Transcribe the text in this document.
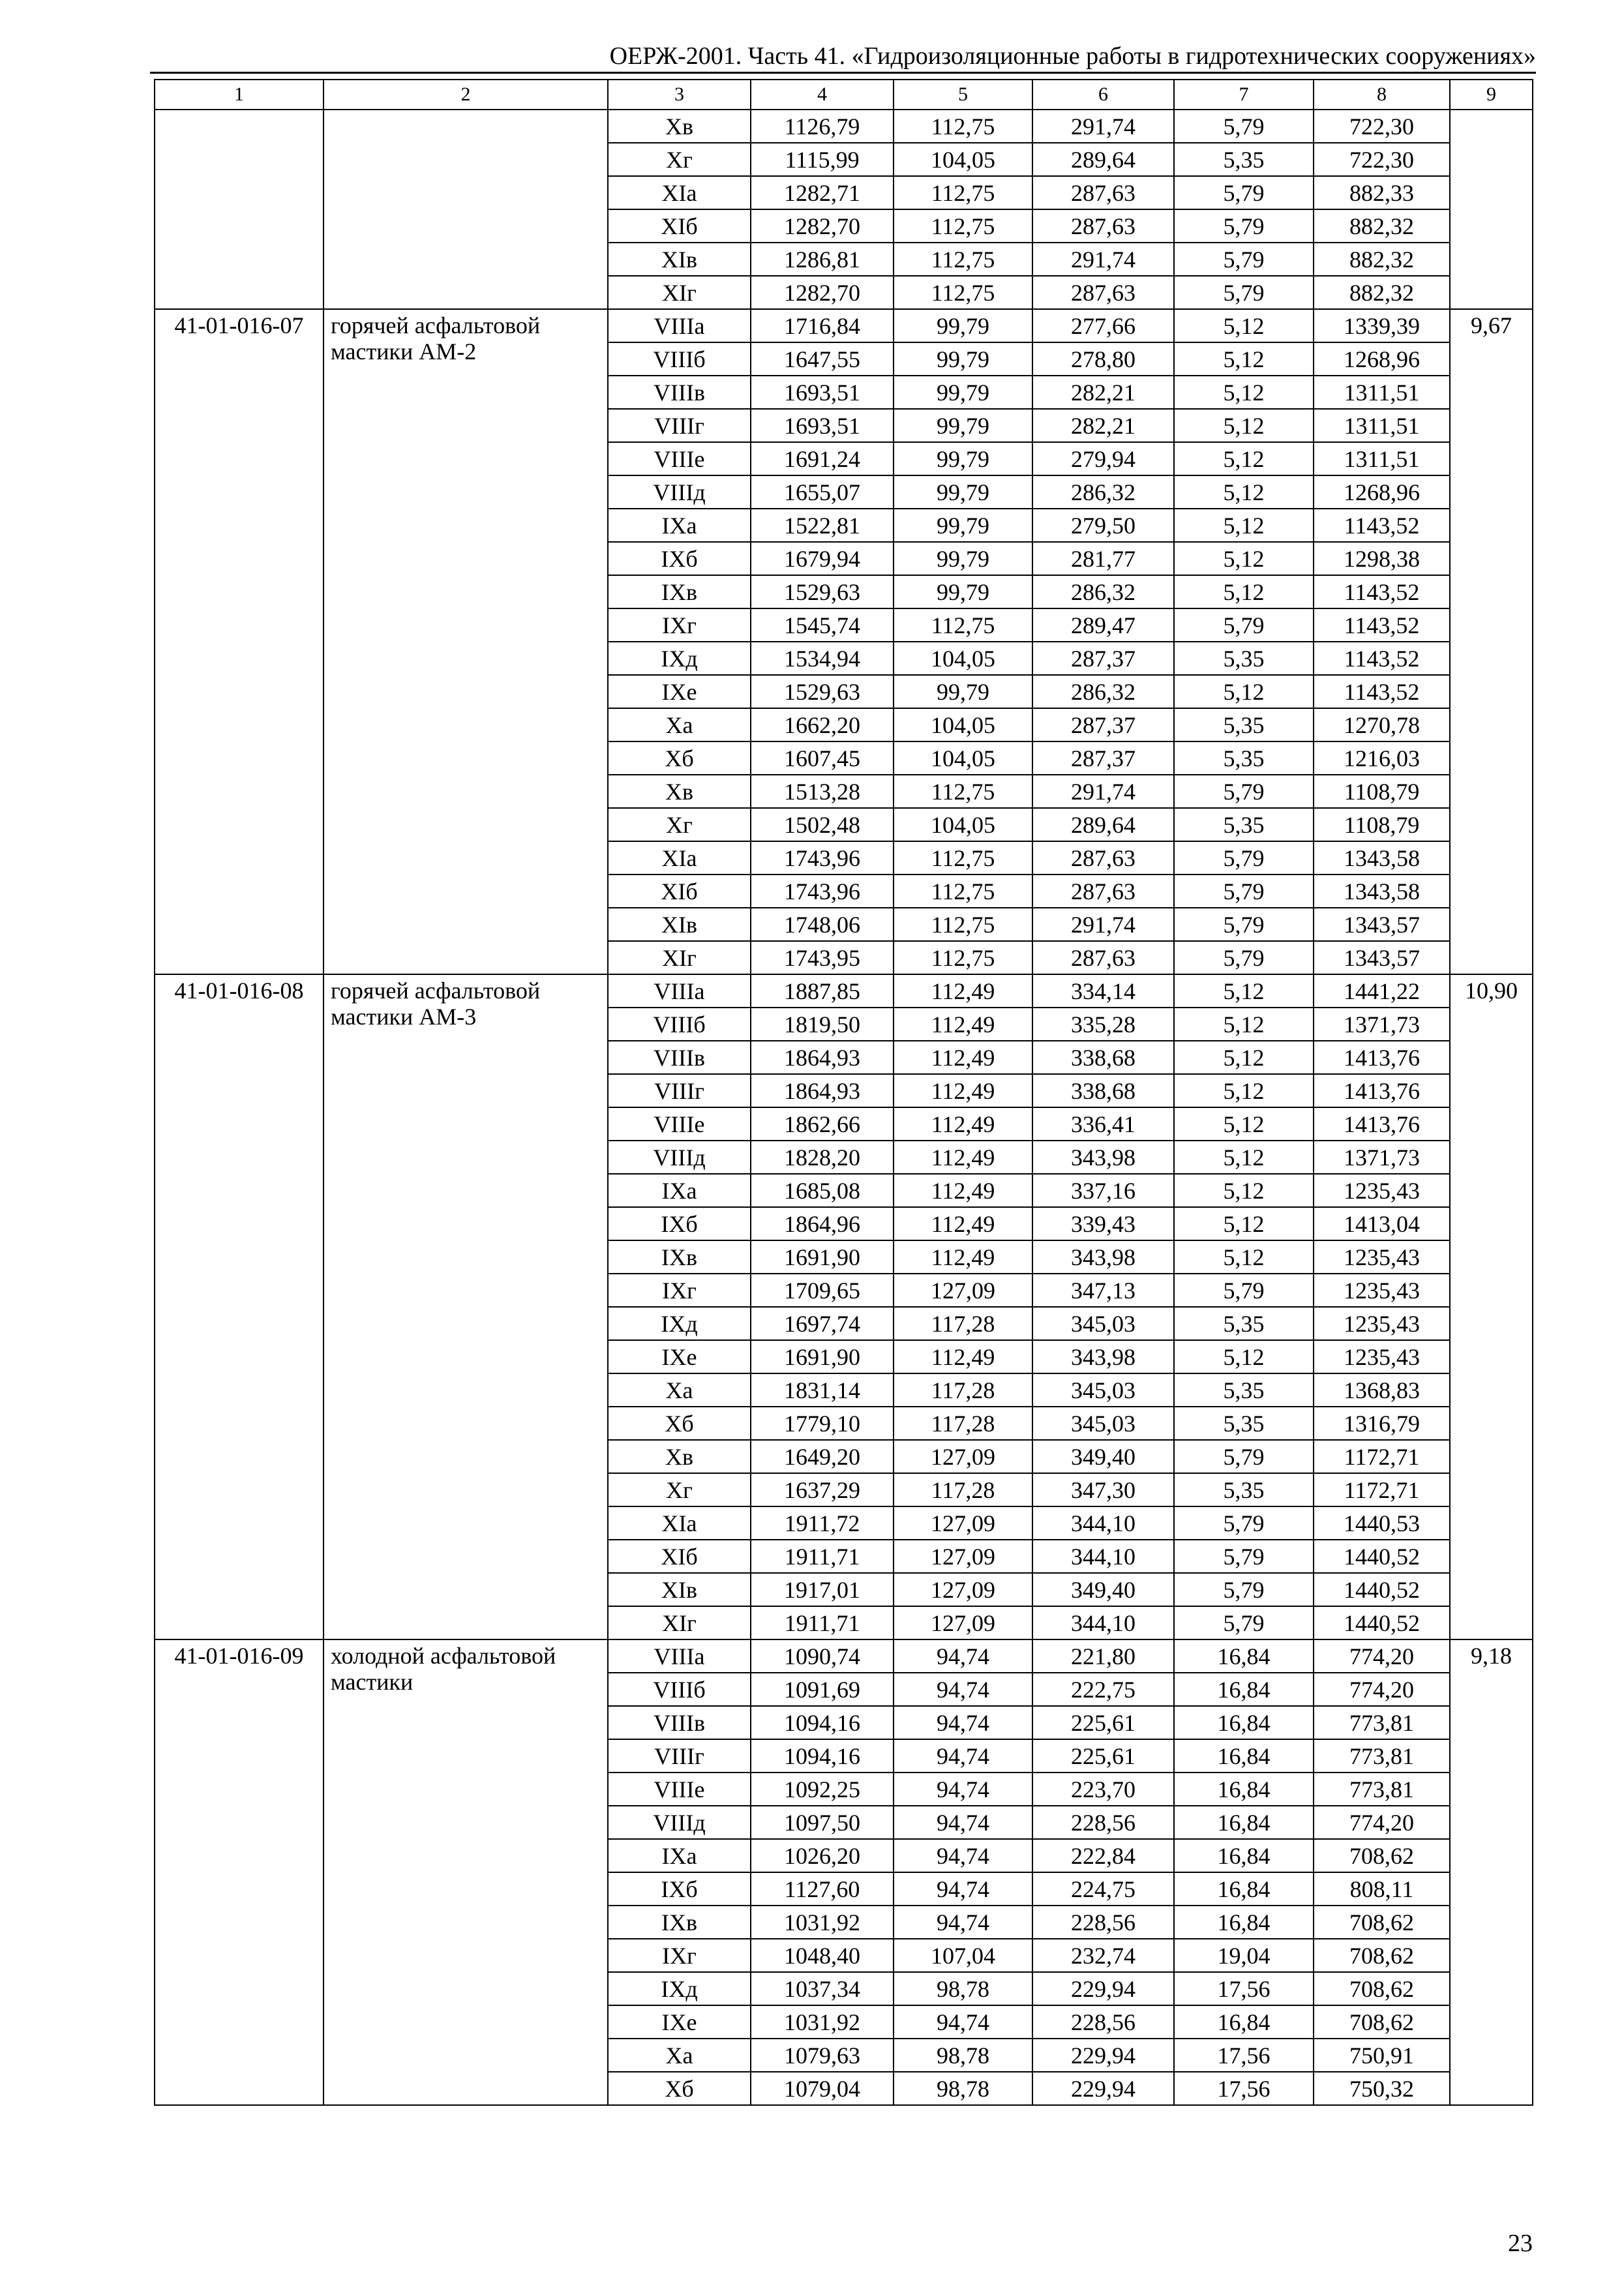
ОЕРЖ-2001. Часть 41. «Гидроизоляционные работы в гидротехнических сооружениях»
1	2	3	4	5	6	7	8	9
		Хв	1126,79	112,75	291,74	5,79	722,30	
		Хг	1115,99	104,05	289,64	5,35	722,30	
		ХIа	1282,71	112,75	287,63	5,79	882,33	
		ХIб	1282,70	112,75	287,63	5,79	882,32	
		ХIв	1286,81	112,75	291,74	5,79	882,32	
		ХIг	1282,70	112,75	287,63	5,79	882,32	
41-01-016-07	горячей асфальтовой мастики АМ-2	VIIIа	1716,84	99,79	277,66	5,12	1339,39	9,67
		VIIIб	1647,55	99,79	278,80	5,12	1268,96	
		VIIIв	1693,51	99,79	282,21	5,12	1311,51	
		VIIIг	1693,51	99,79	282,21	5,12	1311,51	
		VIIIе	1691,24	99,79	279,94	5,12	1311,51	
		VIIIд	1655,07	99,79	286,32	5,12	1268,96	
		IХа	1522,81	99,79	279,50	5,12	1143,52	
		IХб	1679,94	99,79	281,77	5,12	1298,38	
		IХв	1529,63	99,79	286,32	5,12	1143,52	
		IХг	1545,74	112,75	289,47	5,79	1143,52	
		IХд	1534,94	104,05	287,37	5,35	1143,52	
		IХе	1529,63	99,79	286,32	5,12	1143,52	
		Ха	1662,20	104,05	287,37	5,35	1270,78	
		Хб	1607,45	104,05	287,37	5,35	1216,03	
		Хв	1513,28	112,75	291,74	5,79	1108,79	
		Хг	1502,48	104,05	289,64	5,35	1108,79	
		ХIа	1743,96	112,75	287,63	5,79	1343,58	
		ХIб	1743,96	112,75	287,63	5,79	1343,58	
		ХIв	1748,06	112,75	291,74	5,79	1343,57	
		ХIг	1743,95	112,75	287,63	5,79	1343,57	
41-01-016-08	горячей асфальтовой мастики АМ-3	VIIIа	1887,85	112,49	334,14	5,12	1441,22	10,90
		VIIIб	1819,50	112,49	335,28	5,12	1371,73	
		VIIIв	1864,93	112,49	338,68	5,12	1413,76	
		VIIIг	1864,93	112,49	338,68	5,12	1413,76	
		VIIIе	1862,66	112,49	336,41	5,12	1413,76	
		VIIIд	1828,20	112,49	343,98	5,12	1371,73	
		IХа	1685,08	112,49	337,16	5,12	1235,43	
		IХб	1864,96	112,49	339,43	5,12	1413,04	
		IХв	1691,90	112,49	343,98	5,12	1235,43	
		IХг	1709,65	127,09	347,13	5,79	1235,43	
		IХд	1697,74	117,28	345,03	5,35	1235,43	
		IХе	1691,90	112,49	343,98	5,12	1235,43	
		Ха	1831,14	117,28	345,03	5,35	1368,83	
		Хб	1779,10	117,28	345,03	5,35	1316,79	
		Хв	1649,20	127,09	349,40	5,79	1172,71	
		Хг	1637,29	117,28	347,30	5,35	1172,71	
		ХIа	1911,72	127,09	344,10	5,79	1440,53	
		ХIб	1911,71	127,09	344,10	5,79	1440,52	
		ХIв	1917,01	127,09	349,40	5,79	1440,52	
		ХIг	1911,71	127,09	344,10	5,79	1440,52	
41-01-016-09	холодной асфальтовой мастики	VIIIа	1090,74	94,74	221,80	16,84	774,20	9,18
		VIIIб	1091,69	94,74	222,75	16,84	774,20	
		VIIIв	1094,16	94,74	225,61	16,84	773,81	
		VIIIг	1094,16	94,74	225,61	16,84	773,81	
		VIIIе	1092,25	94,74	223,70	16,84	773,81	
		VIIIд	1097,50	94,74	228,56	16,84	774,20	
		IХа	1026,20	94,74	222,84	16,84	708,62	
		IХб	1127,60	94,74	224,75	16,84	808,11	
		IХв	1031,92	94,74	228,56	16,84	708,62	
		IХг	1048,40	107,04	232,74	19,04	708,62	
		IХд	1037,34	98,78	229,94	17,56	708,62	
		IХе	1031,92	94,74	228,56	16,84	708,62	
		Ха	1079,63	98,78	229,94	17,56	750,91	
		Хб	1079,04	98,78	229,94	17,56	750,32	
23
